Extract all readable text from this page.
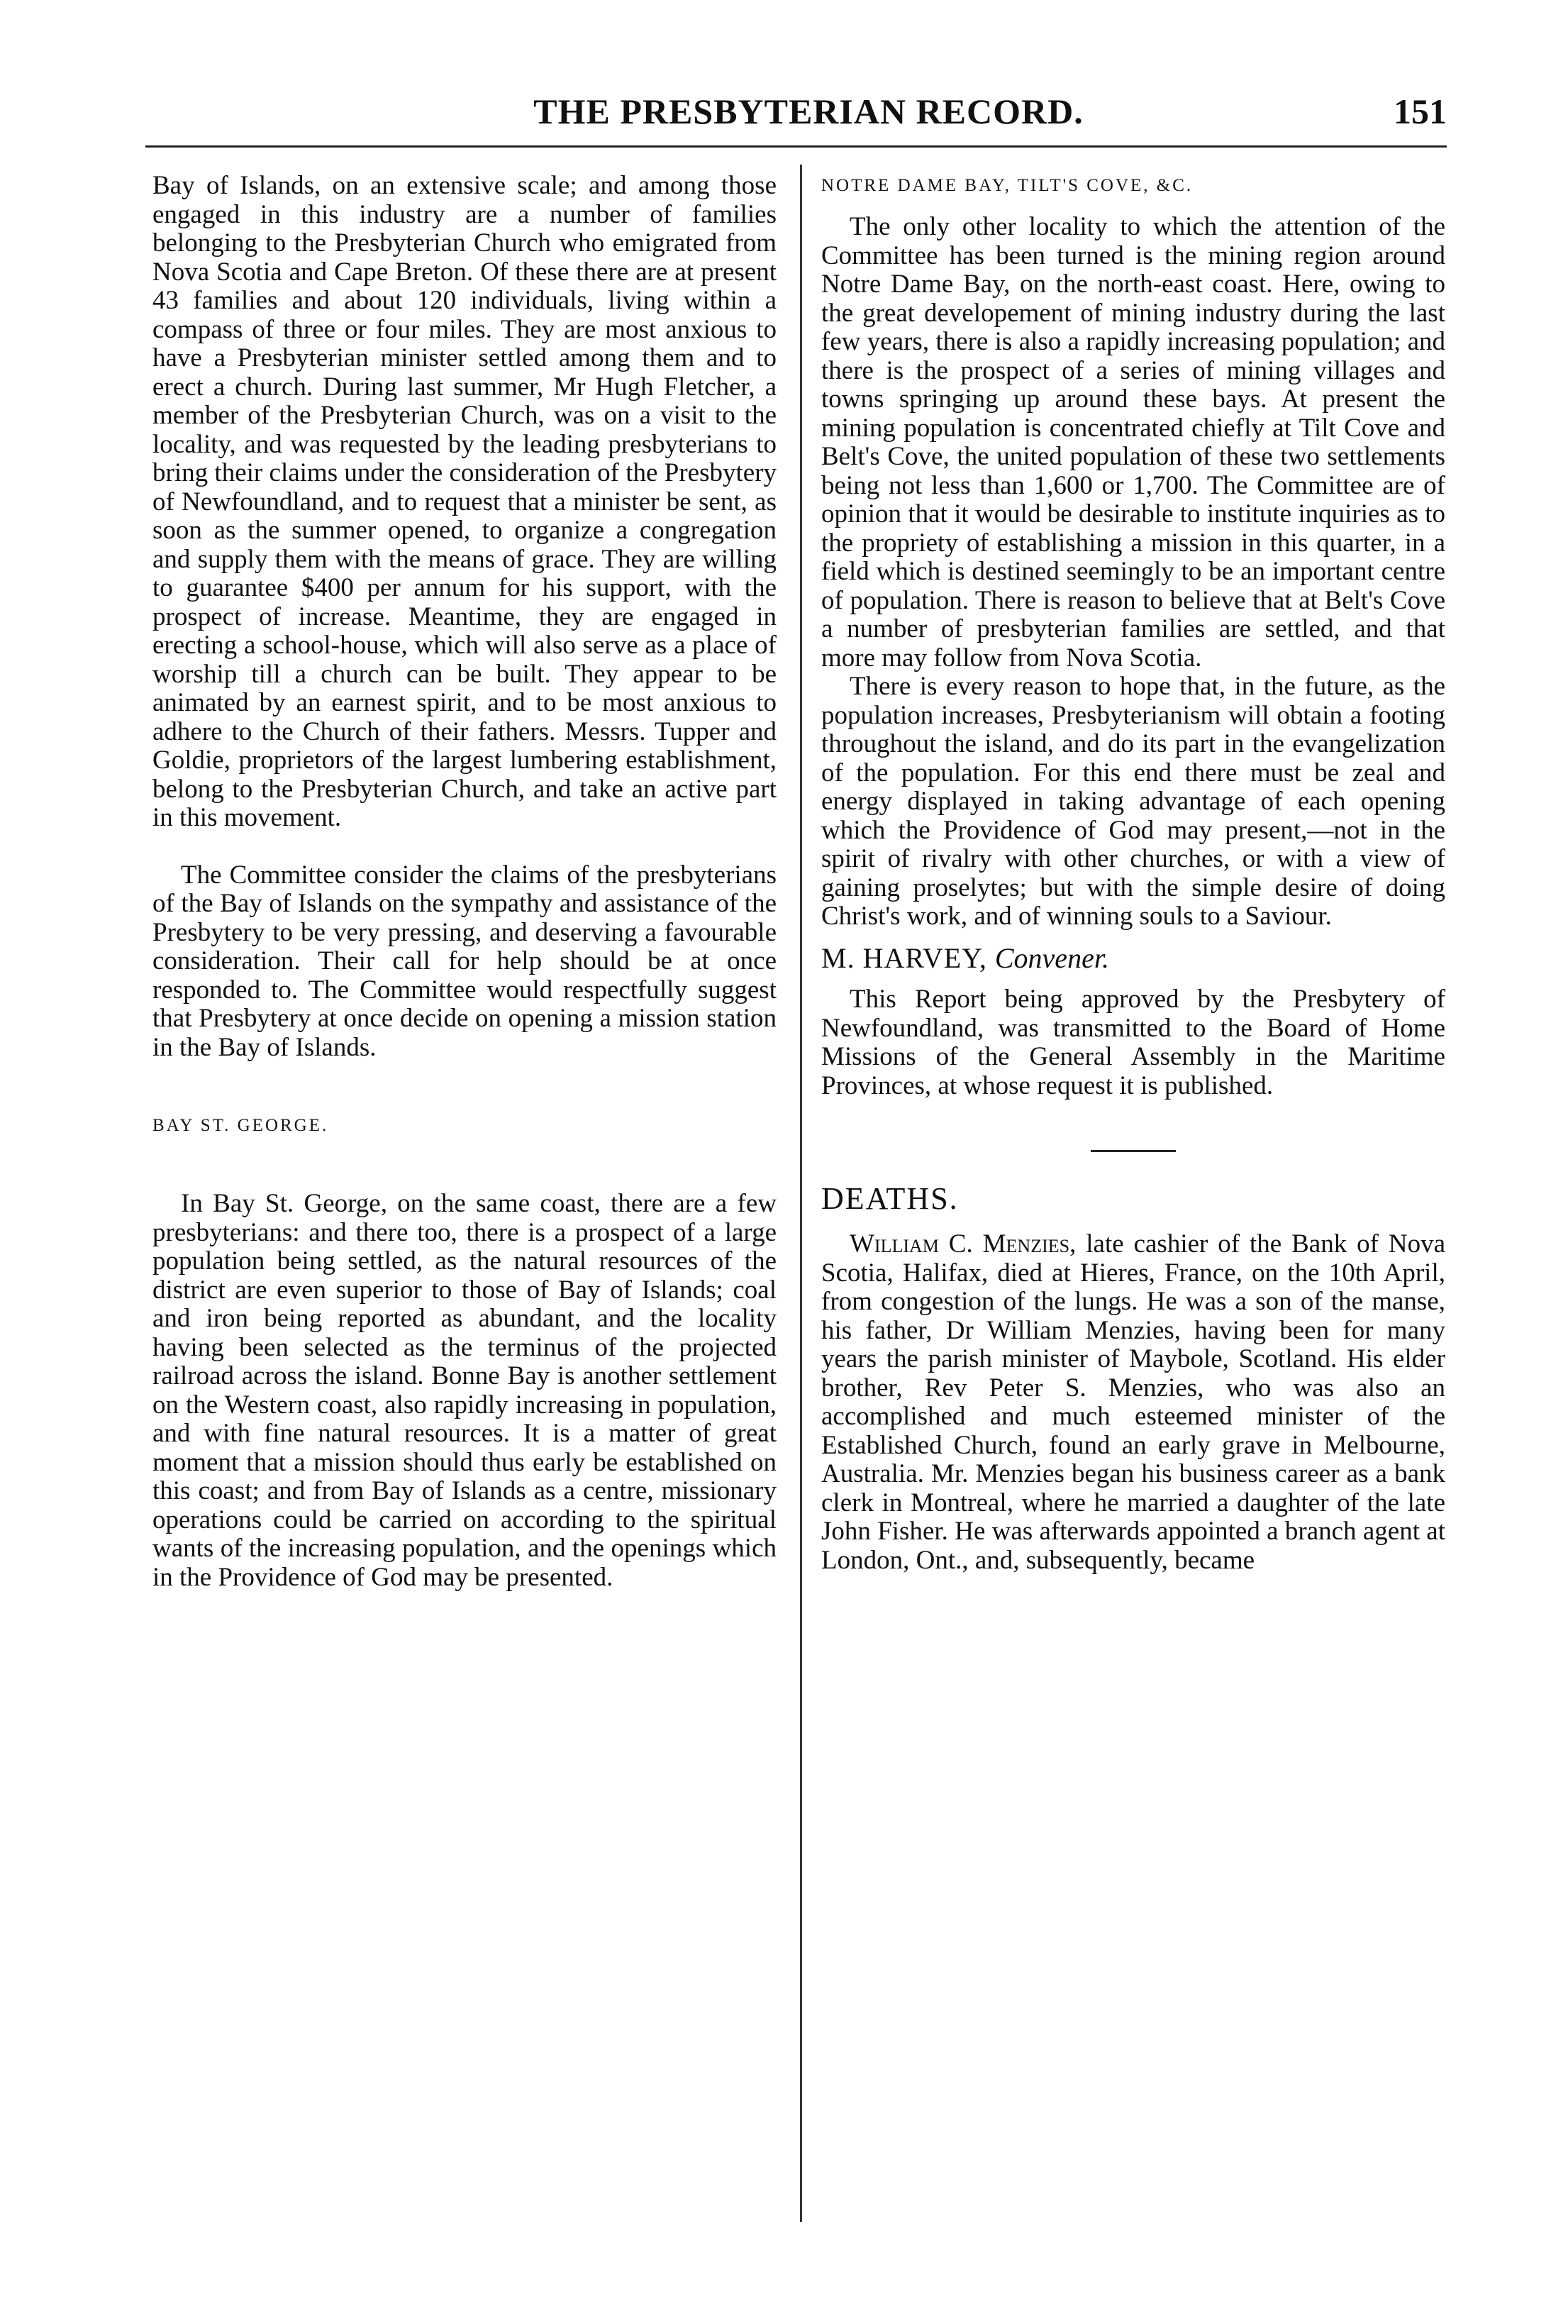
THE PRESBYTERIAN RECORD.	151

Bay of Islands, on an extensive scale; and among those engaged in this industry are a number of families belonging to the Presbyterian Church who emigrated from Nova Scotia and Cape Breton. Of these there are at present 43 families and about 120 individuals, living within a compass of three or four miles. They are most anxious to have a Presbyterian minister settled among them and to erect a church. During last summer, Mr Hugh Fletcher, a member of the Presbyterian Church, was on a visit to the locality, and was requested by the leading presbyterians to bring their claims under the consideration of the Presbytery of Newfoundland, and to request that a minister be sent, as soon as the summer opened, to organize a congregation and supply them with the means of grace. They are willing to guarantee $400 per annum for his support, with the prospect of increase. Meantime, they are engaged in erecting a school-house, which will also serve as a place of worship till a church can be built. They appear to be animated by an earnest spirit, and to be most anxious to adhere to the Church of their fathers. Messrs. Tupper and Goldie, proprietors of the largest lumbering establishment, belong to the Presbyterian Church, and take an active part in this movement.

The Committee consider the claims of the presbyterians of the Bay of Islands on the sympathy and assistance of the Presbytery to be very pressing, and deserving a favourable consideration. Their call for help should be at once responded to. The Committee would respectfully suggest that Presbytery at once decide on opening a mission station in the Bay of Islands.

BAY ST. GEORGE.

In Bay St. George, on the same coast, there are a few presbyterians: and there too, there is a prospect of a large population being settled, as the natural resources of the district are even superior to those of Bay of Islands; coal and iron being reported as abundant, and the locality having been selected as the terminus of the projected railroad across the island. Bonne Bay is another settlement on the Western coast, also rapidly increasing in population, and with fine natural resources. It is a matter of great moment that a mission should thus early be established on this coast; and from Bay of Islands as a centre, missionary operations could be carried on according to the spiritual wants of the increasing population, and the openings which in the Providence of God may be presented.

NOTRE DAME BAY, TILT'S COVE, &C.

The only other locality to which the attention of the Committee has been turned is the mining region around Notre Dame Bay, on the north-east coast. Here, owing to the great developement of mining industry during the last few years, there is also a rapidly increasing population; and there is the prospect of a series of mining villages and towns springing up around these bays. At present the mining population is concentrated chiefly at Tilt Cove and Belt's Cove, the united population of these two settlements being not less than 1,600 or 1,700. The Committee are of opinion that it would be desirable to institute inquiries as to the propriety of establishing a mission in this quarter, in a field which is destined seemingly to be an important centre of population. There is reason to believe that at Belt's Cove a number of presbyterian families are settled, and that more may follow from Nova Scotia.

There is every reason to hope that, in the future, as the population increases, Presbyterianism will obtain a footing throughout the island, and do its part in the evangelization of the population. For this end there must be zeal and energy displayed in taking advantage of each opening which the Providence of God may present,—not in the spirit of rivalry with other churches, or with a view of gaining proselytes; but with the simple desire of doing Christ's work, and of winning souls to a Saviour.

M. HARVEY, Convener.

This Report being approved by the Presbytery of Newfoundland, was transmitted to the Board of Home Missions of the General Assembly in the Maritime Provinces, at whose request it is published.

DEATHS.

William C. Menzies, late cashier of the Bank of Nova Scotia, Halifax, died at Hieres, France, on the 10th April, from congestion of the lungs. He was a son of the manse, his father, Dr William Menzies, having been for many years the parish minister of Maybole, Scotland. His elder brother, Rev Peter S. Menzies, who was also an accomplished and much esteemed minister of the Established Church, found an early grave in Melbourne, Australia. Mr. Menzies began his business career as a bank clerk in Montreal, where he married a daughter of the late John Fisher. He was afterwards appointed a branch agent at London, Ont., and, subsequently, became
